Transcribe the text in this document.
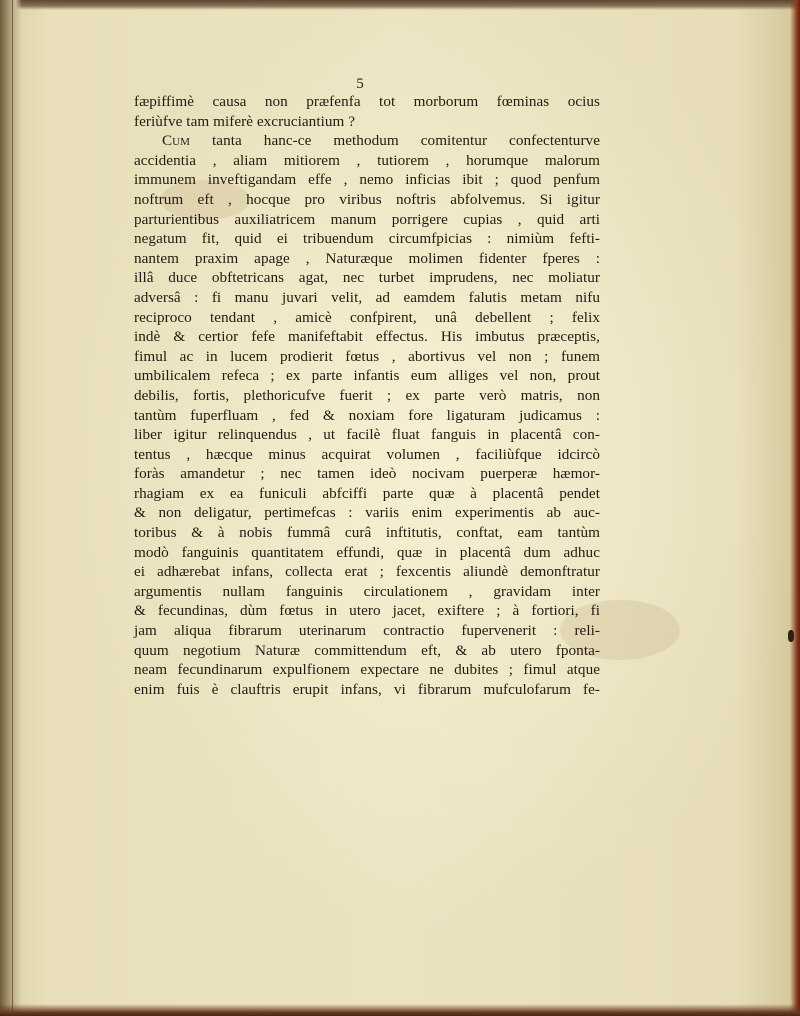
5
fæpiffimè causa non præfenfa tot morborum fœminas ocius
feriùfve tam miferè excruciantium ?
Cum tanta hanc-ce methodum comitentur confectenturve
accidentia , aliam mitiorem , tutiorem , horumque malorum
immunem inveftigandam effe , nemo inficias ibit ; quod penfum
noftrum eft , hocque pro viribus noftris abfolvemus. Si igitur
parturientibus auxiliatricem manum porrigere cupias , quid arti
negatum fit, quid ei tribuendum circumfpicias : nimiùm fefti-
nantem praxim apage , Naturæque molimen fidenter fperes :
illâ duce obftetricans agat, nec turbet imprudens, nec moliatur
adversâ : fi manu juvari velit, ad eamdem falutis metam nifu
reciproco tendant , amicè confpirent, unâ debellent ; felix
indè & certior fefe manifeftabit effectus. His imbutus præceptis,
fimul ac in lucem prodierit fœtus , abortivus vel non ; funem
umbilicalem refeca ; ex parte infantis eum alliges vel non, prout
debilis, fortis, plethoricufve fuerit ; ex parte verò matris, non
tantùm fuperfluam , fed & noxiam fore ligaturam judicamus :
liber igitur relinquendus , ut facilè fluat fanguis in placentâ con-
tentus , hæcque minus acquirat volumen , faciliùfque idcircò
foràs amandetur ; nec tamen ideò nocivam puerperæ hæmor-
rhagiam ex ea funiculi abfciffi parte quæ à placentâ pendet
& non deligatur, pertimefcas : variis enim experimentis ab auc-
toribus & à nobis fummâ curâ inftitutis, conftat, eam tantùm
modò fanguinis quantitatem effundi, quæ in placentâ dum adhuc
ei adhærebat infans, collecta erat ; fexcentis aliundè demonftratur
argumentis nullam fanguinis circulationem , gravidam inter
& fecundinas, dùm fœtus in utero jacet, exiftere ; à fortiori, fi
jam aliqua fibrarum uterinarum contractio fupervenerit : reli-
quum negotium Naturæ committendum eft, & ab utero fponta-
neam fecundinarum expulfionem expectare ne dubites ; fimul atque
enim fuis è clauftris erupit infans, vi fibrarum mufculofarum fe-
